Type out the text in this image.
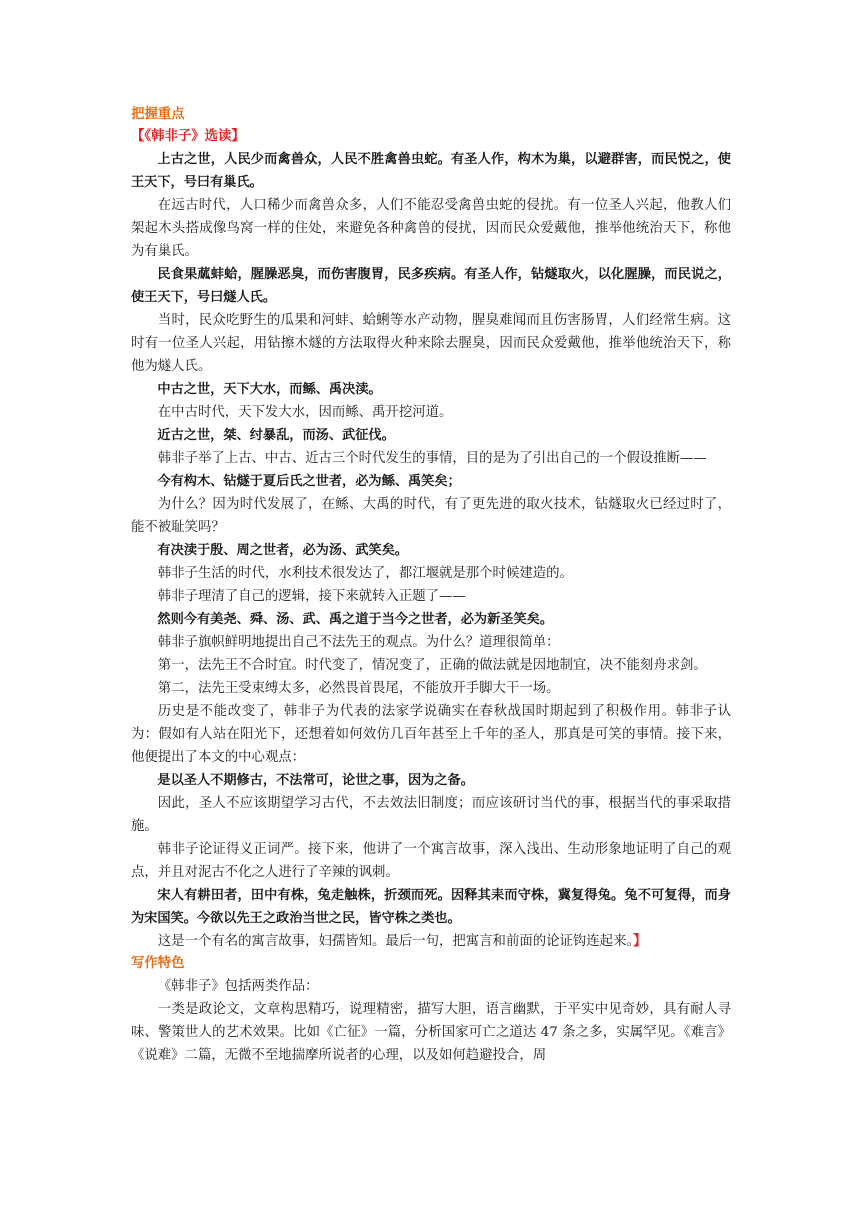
把握重点
【《韩非子》选读】

上古之世，人民少而禽兽众，人民不胜禽兽虫蛇。有圣人作，构木为巢，以避群害，而民悦之，使王天下，号曰有巢氏。

在远古时代，人口稀少而禽兽众多，人们不能忍受禽兽虫蛇的侵扰。有一位圣人兴起，他教人们架起木头搭成像鸟窝一样的住处，来避免各种禽兽的侵扰，因而民众爱戴他，推举他统治天下，称他为有巢氏。

民食果蓏蚌蛤，腥臊恶臭，而伤害腹胃，民多疾病。有圣人作，钻燧取火，以化腥臊，而民说之，使王天下，号曰燧人氏。

当时，民众吃野生的瓜果和河蚌、蛤蜊等水产动物，腥臭难闻而且伤害肠胃，人们经常生病。这时有一位圣人兴起，用钻擦木燧的方法取得火种来除去腥臭，因而民众爱戴他，推举他统治天下，称他为燧人氏。

中古之世，天下大水，而鲧、禹决渎。

在中古时代，天下发大水，因而鲧、禹开挖河道。

近古之世，桀、纣暴乱，而汤、武征伐。

韩非子举了上古、中古、近古三个时代发生的事情，目的是为了引出自己的一个假设推断——

今有构木、钻燧于夏后氏之世者，必为鲧、禹笑矣；

为什么？因为时代发展了，在鲧、大禹的时代，有了更先进的取火技术，钻燧取火已经过时了，能不被耻笑吗？

有决渎于殷、周之世者，必为汤、武笑矣。

韩非子生活的时代，水利技术很发达了，都江堰就是那个时候建造的。

韩非子理清了自己的逻辑，接下来就转入正题了——

然则今有美尧、舜、汤、武、禹之道于当今之世者，必为新圣笑矣。

韩非子旗帜鲜明地提出自己不法先王的观点。为什么？道理很简单：

第一，法先王不合时宜。时代变了，情况变了，正确的做法就是因地制宜，决不能刻舟求剑。

第二，法先王受束缚太多，必然畏首畏尾，不能放开手脚大干一场。

历史是不能改变了，韩非子为代表的法家学说确实在春秋战国时期起到了积极作用。韩非子认为：假如有人站在阳光下，还想着如何效仿几百年甚至上千年的圣人，那真是可笑的事情。接下来，他便提出了本文的中心观点：

是以圣人不期修古，不法常可，论世之事，因为之备。

因此，圣人不应该期望学习古代，不去效法旧制度；而应该研讨当代的事，根据当代的事采取措施。

韩非子论证得义正词严。接下来，他讲了一个寓言故事，深入浅出、生动形象地证明了自己的观点，并且对泥古不化之人进行了辛辣的讽刺。

宋人有耕田者，田中有株，兔走触株，折颈而死。因释其耒而守株，冀复得兔。兔不可复得，而身为宋国笑。今欲以先王之政治当世之民，皆守株之类也。

这是一个有名的寓言故事，妇孺皆知。最后一句，把寓言和前面的论证钩连起来。】

写作特色

《韩非子》包括两类作品：

一类是政论文，文章构思精巧，说理精密，描写大胆，语言幽默，于平实中见奇妙，具有耐人寻味、警策世人的艺术效果。比如《亡征》一篇，分析国家可亡之道达 47 条之多，实属罕见。《难言》《说难》二篇，无微不至地揣摩所说者的心理，以及如何趋避投合，周
